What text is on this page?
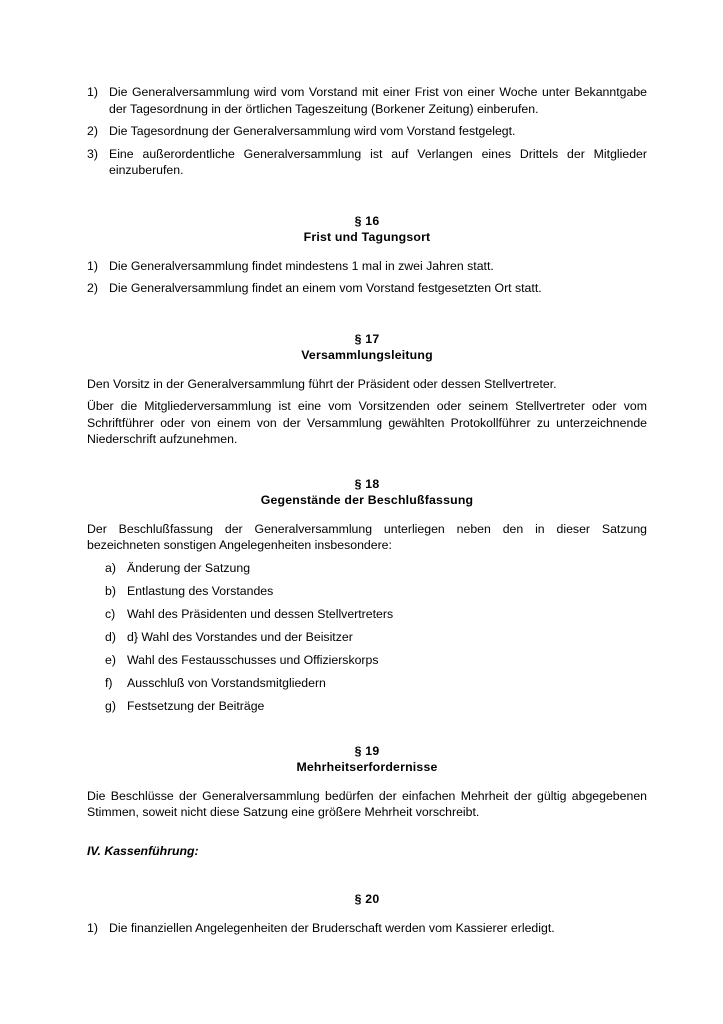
1) Die Generalversammlung wird vom Vorstand mit einer Frist von einer Woche unter Bekanntgabe der Tagesordnung in der örtlichen Tageszeitung (Borkener Zeitung) einberufen.
2) Die Tagesordnung der Generalversammlung wird vom Vorstand festgelegt.
3) Eine außerordentliche Generalversammlung ist auf Verlangen eines Drittels der Mitglieder einzuberufen.
§ 16
Frist und Tagungsort
1) Die Generalversammlung findet mindestens 1 mal in zwei Jahren statt.
2) Die Generalversammlung findet an einem vom Vorstand festgesetzten Ort statt.
§ 17
Versammlungsleitung

Den Vorsitz in der Generalversammlung führt der Präsident oder dessen Stellvertreter.

Über die Mitgliederversammlung ist eine vom Vorsitzenden oder seinem Stellvertreter oder vom Schriftführer oder von einem von der Versammlung gewählten Protokollführer zu unterzeichnende Niederschrift aufzunehmen.

§ 18
Gegenstände der Beschlußfassung

Der Beschlußfassung der Generalversammlung unterliegen neben den in dieser Satzung bezeichneten sonstigen Angelegenheiten insbesondere:

a) Änderung der Satzung
b) Entlastung des Vorstandes
c) Wahl des Präsidenten und dessen Stellvertreters
d) d} Wahl des Vorstandes und der Beisitzer
e) Wahl des Festausschusses und Offizierskorps
f)	Ausschluß von Vorstandsmitgliedern
g) Festsetzung der Beiträge
§ 19
Mehrheitserfordernisse

Die Beschlüsse der Generalversammlung bedürfen der einfachen Mehrheit der gültig abgegebenen Stimmen, soweit nicht diese Satzung eine größere Mehrheit vorschreibt.

IV. Kassenführung:
§ 20
1) Die finanziellen Angelegenheiten der Bruderschaft werden vom Kassierer erledigt.
